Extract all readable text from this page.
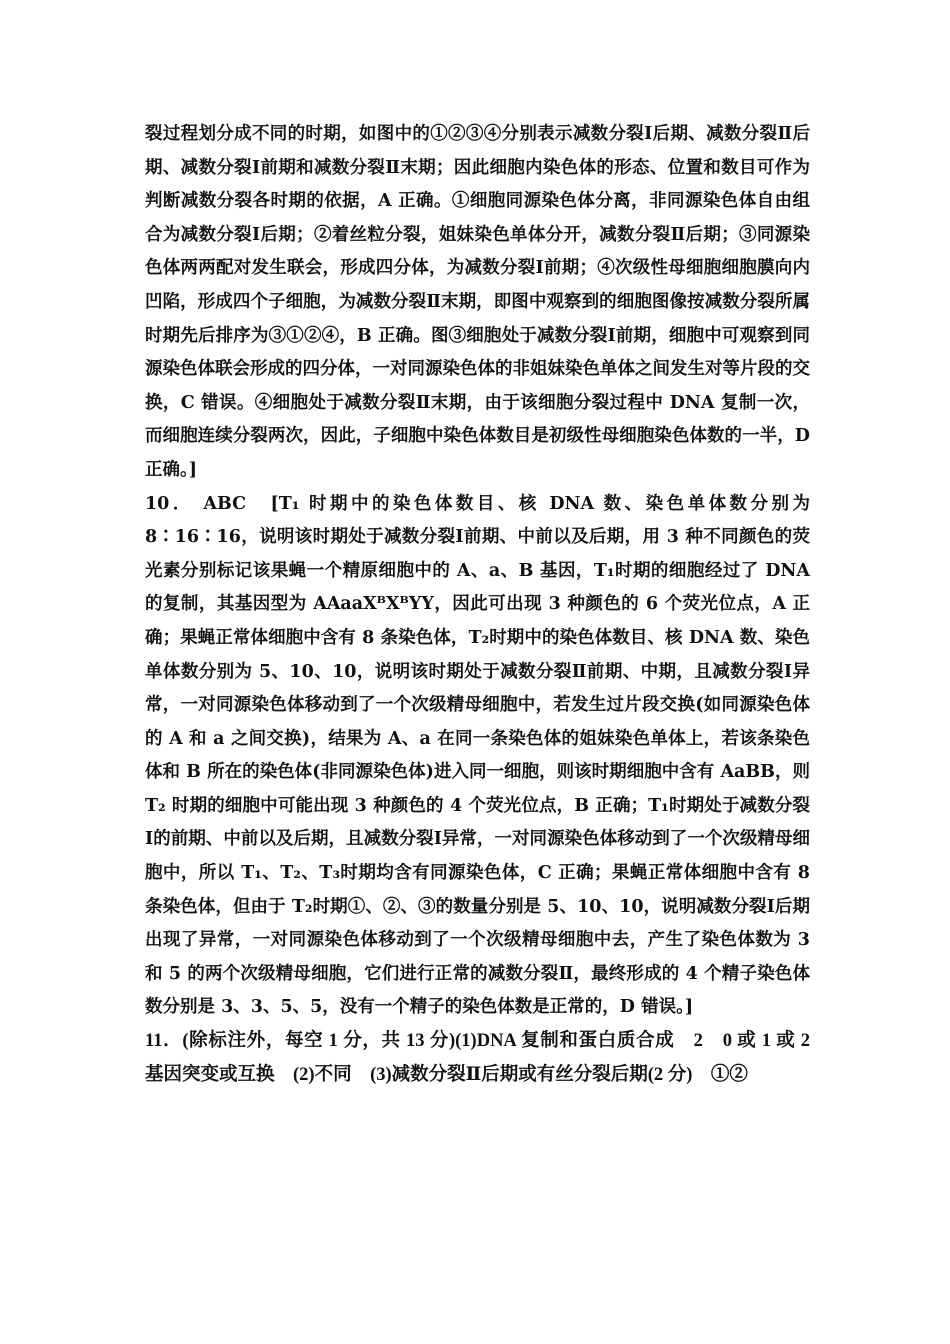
裂过程划分成不同的时期，如图中的①②③④分别表示减数分裂Ⅰ后期、减数分裂Ⅱ后期、减数分裂Ⅰ前期和减数分裂Ⅱ末期；因此细胞内染色体的形态、位置和数目可作为判断减数分裂各时期的依据，A 正确。①细胞同源染色体分离，非同源染色体自由组合为减数分裂Ⅰ后期；②着丝粒分裂，姐妹染色单体分开，减数分裂Ⅱ后期；③同源染色体两两配对发生联会，形成四分体，为减数分裂Ⅰ前期；④次级性母细胞细胞膜向内凹陷，形成四个子细胞，为减数分裂Ⅱ末期，即图中观察到的细胞图像按减数分裂所属时期先后排序为③①②④，B 正确。图③细胞处于减数分裂Ⅰ前期，细胞中可观察到同源染色体联会形成的四分体，一对同源染色体的非姐妹染色单体之间发生对等片段的交换，C 错误。④细胞处于减数分裂Ⅱ末期，由于该细胞分裂过程中 DNA 复制一次，而细胞连续分裂两次，因此，子细胞中染色体数目是初级性母细胞染色体数的一半，D 正确。]

10． ABC　[T₁ 时期中的染色体数目、核 DNA 数、染色单体数分别为 8∶16∶16，说明该时期处于减数分裂Ⅰ前期、中前以及后期，用 3 种不同颜色的荧光素分别标记该果蝇一个精原细胞中的 A、a、B 基因，T₁时期的细胞经过了 DNA 的复制，其基因型为 AAaaXᴮXᴮYY，因此可出现 3 种颜色的 6 个荧光位点，A 正确；果蝇正常体细胞中含有 8 条染色体，T₂时期中的染色体数目、核 DNA 数、染色单体数分别为 5、10、10，说明该时期处于减数分裂Ⅱ前期、中期，且减数分裂Ⅰ异常，一对同源染色体移动到了一个次级精母细胞中，若发生过片段交换(如同源染色体的 A 和 a 之间交换)，结果为 A、a 在同一条染色体的姐妹染色单体上，若该条染色体和 B 所在的染色体(非同源染色体)进入同一细胞，则该时期细胞中含有 AaBB，则 T₂ 时期的细胞中可能出现 3 种颜色的 4 个荧光位点，B 正确；T₁时期处于减数分裂Ⅰ的前期、中前以及后期，且减数分裂Ⅰ异常，一对同源染色体移动到了一个次级精母细胞中，所以 T₁、T₂、T₃时期均含有同源染色体，C 正确；果蝇正常体细胞中含有 8 条染色体，但由于 T₂时期①、②、③的数量分别是 5、10、10，说明减数分裂Ⅰ后期出现了异常，一对同源染色体移动到了一个次级精母细胞中去，产生了染色体数为 3 和 5 的两个次级精母细胞，它们进行正常的减数分裂Ⅱ，最终形成的 4 个精子染色体数分别是 3、3、5、5，没有一个精子的染色体数是正常的，D 错误。]

11．(除标注外，每空 1 分，共 13 分)(1)DNA 复制和蛋白质合成　2　0 或 1 或 2　基因突变或互换　(2)不同　(3)减数分裂Ⅱ后期或有丝分裂后期(2 分)　①②
